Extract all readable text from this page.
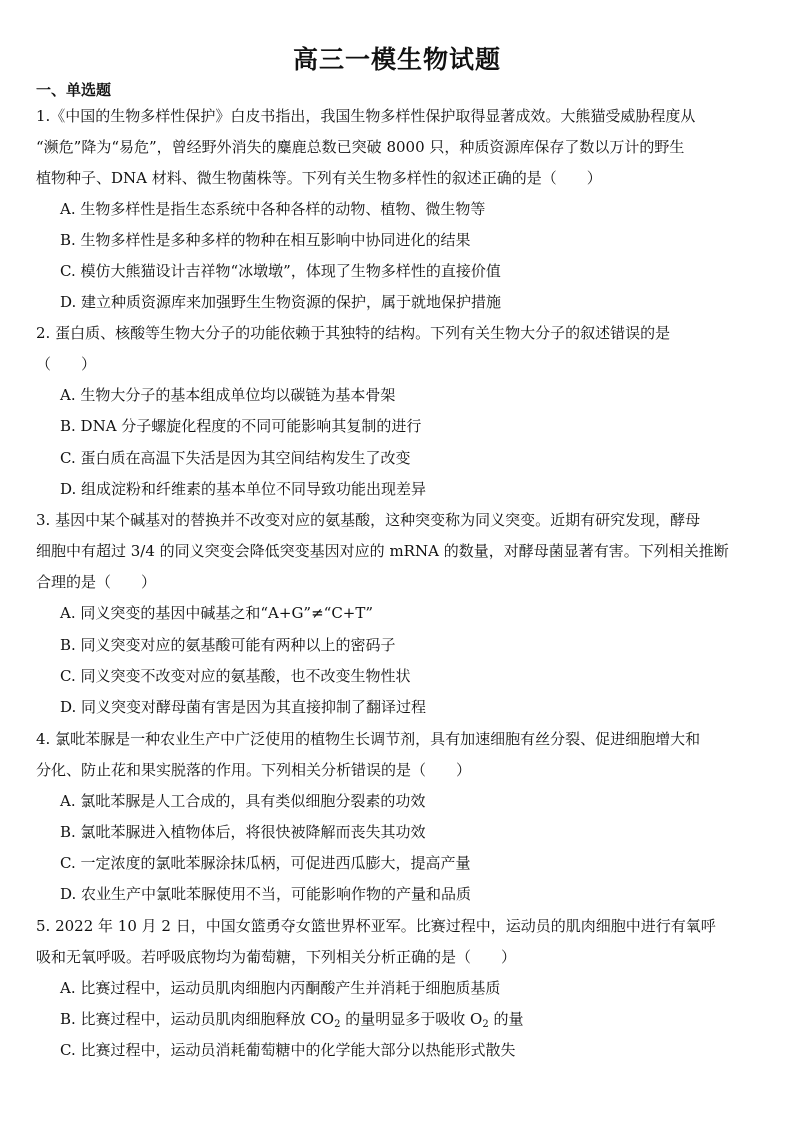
高三一模生物试题
一、单选题
1.《中国的生物多样性保护》白皮书指出，我国生物多样性保护取得显著成效。大熊猫受威胁程度从
“濒危”降为“易危”，曾经野外消失的麋鹿总数已突破 8000 只，种质资源库保存了数以万计的野生
植物种子、DNA 材料、微生物菌株等。下列有关生物多样性的叙述正确的是（　　）
A. 生物多样性是指生态系统中各种各样的动物、植物、微生物等
B. 生物多样性是多种多样的物种在相互影响中协同进化的结果
C. 模仿大熊猫设计吉祥物“冰墩墩”，体现了生物多样性的直接价值
D. 建立种质资源库来加强野生生物资源的保护，属于就地保护措施
2. 蛋白质、核酸等生物大分子的功能依赖于其独特的结构。下列有关生物大分子的叙述错误的是
（　　）
A. 生物大分子的基本组成单位均以碳链为基本骨架
B. DNA 分子螺旋化程度的不同可能影响其复制的进行
C. 蛋白质在高温下失活是因为其空间结构发生了改变
D. 组成淀粉和纤维素的基本单位不同导致功能出现差异
3. 基因中某个碱基对的替换并不改变对应的氨基酸，这种突变称为同义突变。近期有研究发现，酵母
细胞中有超过 3/4 的同义突变会降低突变基因对应的 mRNA 的数量，对酵母菌显著有害。下列相关推断
合理的是（　　）
A. 同义突变的基因中碱基之和“A+G”≠“C+T”
B. 同义突变对应的氨基酸可能有两种以上的密码子
C. 同义突变不改变对应的氨基酸，也不改变生物性状
D. 同义突变对酵母菌有害是因为其直接抑制了翻译过程
4. 氯吡苯脲是一种农业生产中广泛使用的植物生长调节剂，具有加速细胞有丝分裂、促进细胞增大和
分化、防止花和果实脱落的作用。下列相关分析错误的是（　　）
A. 氯吡苯脲是人工合成的，具有类似细胞分裂素的功效
B. 氯吡苯脲进入植物体后，将很快被降解而丧失其功效
C. 一定浓度的氯吡苯脲涂抹瓜柄，可促进西瓜膨大，提高产量
D. 农业生产中氯吡苯脲使用不当，可能影响作物的产量和品质
5. 2022 年 10 月 2 日，中国女篮勇夺女篮世界杯亚军。比赛过程中，运动员的肌肉细胞中进行有氧呼
吸和无氧呼吸。若呼吸底物均为葡萄糖，下列相关分析正确的是（　　）
A. 比赛过程中，运动员肌肉细胞内丙酮酸产生并消耗于细胞质基质
B. 比赛过程中，运动员肌肉细胞释放 $CO_2$ 的量明显多于吸收 $O_2$ 的量
C. 比赛过程中，运动员消耗葡萄糖中的化学能大部分以热能形式散失
